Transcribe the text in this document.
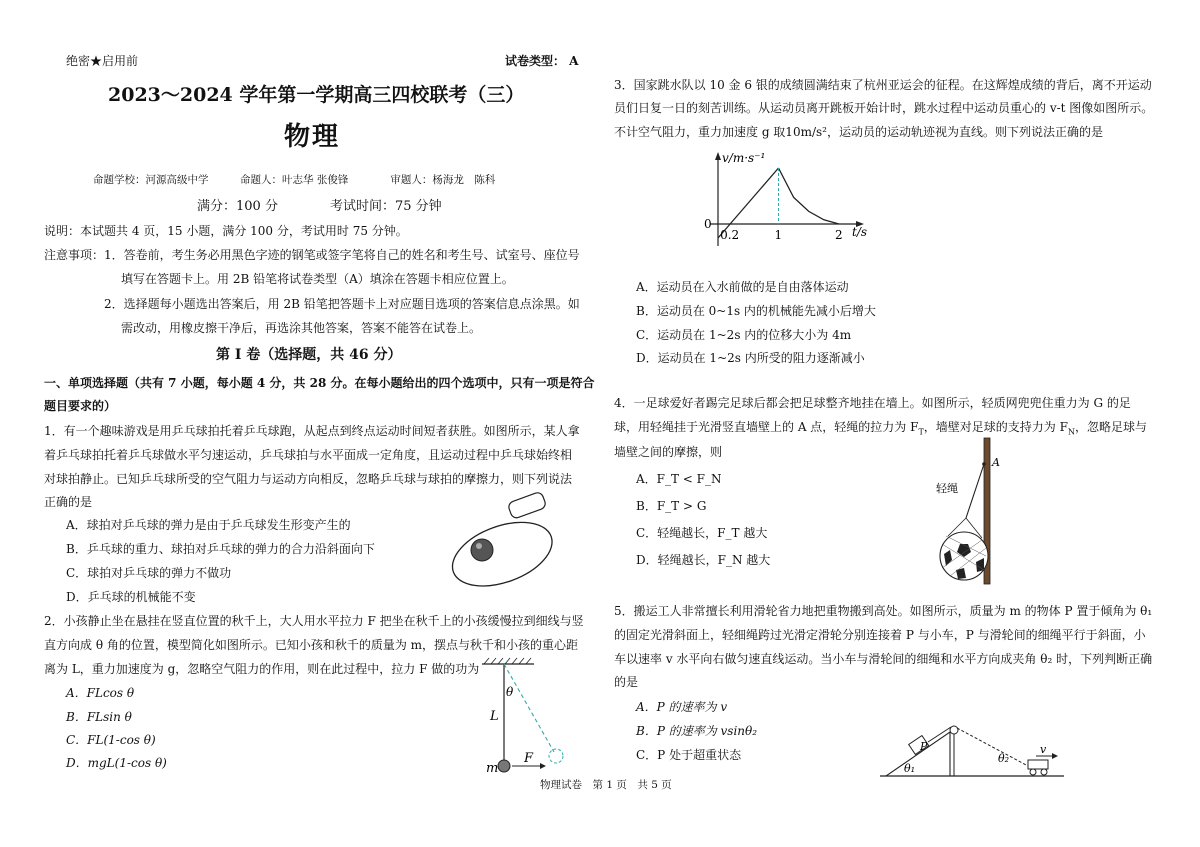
绝密★启用前	试卷类型： A
2023～2024 学年第一学期高三四校联考（三）
物理
命题学校：河源高级中学　　　命题人：叶志华 张俊锋　　　　审题人：杨海龙　陈科
满分：100 分　　　　考试时间：75 分钟
说明：本试题共 4 页，15 小题，满分 100 分，考试用时 75 分钟。
注意事项： 1．答卷前，考生务必用黑色字迹的钢笔或签字笔将自己的姓名和考生号、试室号、座位号
填写在答题卡上。用 2B 铅笔将试卷类型（A）填涂在答题卡相应位置上。
2．选择题每小题选出答案后，用 2B 铅笔把答题卡上对应题目选项的答案信息点涂黑。如
需改动，用橡皮擦干净后，再选涂其他答案，答案不能答在试卷上。
第 I 卷（选择题，共 46 分）
一、单项选择题（共有 7 小题，每小题 4 分，共 28 分。在每小题给出的四个选项中，只有一项是符合
题目要求的）
1．有一个趣味游戏是用乒乓球拍托着乒乓球跑，从起点到终点运动时间短者获胜。如图所示，某人拿
着乒乓球拍托着乒乓球做水平匀速运动，乒乓球拍与水平面成一定角度，且运动过程中乒乓球始终相
对球拍静止。已知乒乓球所受的空气阻力与运动方向相反，忽略乒乓球与球拍的摩擦力，则下列说法
正确的是
A．球拍对乒乓球的弹力是由于乒乓球发生形变产生的
B．乒乓球的重力、球拍对乒乓球的弹力的合力沿斜面向下
C．球拍对乒乓球的弹力不做功
D．乒乓球的机械能不变
2．小孩静止坐在悬挂在竖直位置的秋千上，大人用水平拉力 F 把坐在秋千上的小孩缓慢拉到细线与竖
直方向成 θ 角的位置，模型简化如图所示。已知小孩和秋千的质量为 m，摆点与秋千和小孩的重心距
离为 L，重力加速度为 g，忽略空气阻力的作用，则在此过程中，拉力 F 做的功为
A．FLcos θ
B．FLsin θ
C．FL(1-cos θ)
D．mgL(1-cos θ)
θ
L
F
m
物理试卷　第 1 页　共 5 页
3．国家跳水队以 10 金 6 银的成绩圆满结束了杭州亚运会的征程。在这辉煌成绩的背后，离不开运动
员们日复一日的刻苦训练。从运动员离开跳板开始计时，跳水过程中运动员重心的 v-t 图像如图所示。
不计空气阻力，重力加速度 g 取10m/s²，运动员的运动轨迹视为直线。则下列说法正确的是
v/m·s⁻¹
t/s
0
0.2	1	2
A．运动员在入水前做的是自由落体运动
B．运动员在 0~1s 内的机械能先减小后增大
C．运动员在 1~2s 内的位移大小为 4m
D．运动员在 1~2s 内所受的阻力逐渐减小
4．一足球爱好者踢完足球后都会把足球整齐地挂在墙上。如图所示，轻质网兜兜住重力为 G 的足
球，用轻绳挂于光滑竖直墙壁上的 A 点，轻绳的拉力为 $F_T$，墙壁对足球的支持力为 $F_N$，忽略足球与
墙壁之间的摩擦，则
A．F_T < F_N
B．F_T > G
C．轻绳越长，F_T 越大
D．轻绳越长，F_N 越大
A
轻绳
5．搬运工人非常擅长利用滑轮省力地把重物搬到高处。如图所示，质量为 m 的物体 P 置于倾角为 θ₁
的固定光滑斜面上，轻细绳跨过光滑定滑轮分别连接着 P 与小车，P 与滑轮间的细绳平行于斜面，小
车以速率 v 水平向右做匀速直线运动。当小车与滑轮间的细绳和水平方向成夹角 θ₂ 时，下列判断正确
的是
A．P 的速率为 v
B．P 的速率为 vsinθ₂
C．P 处于超重状态
P
θ₁
θ₂
v
